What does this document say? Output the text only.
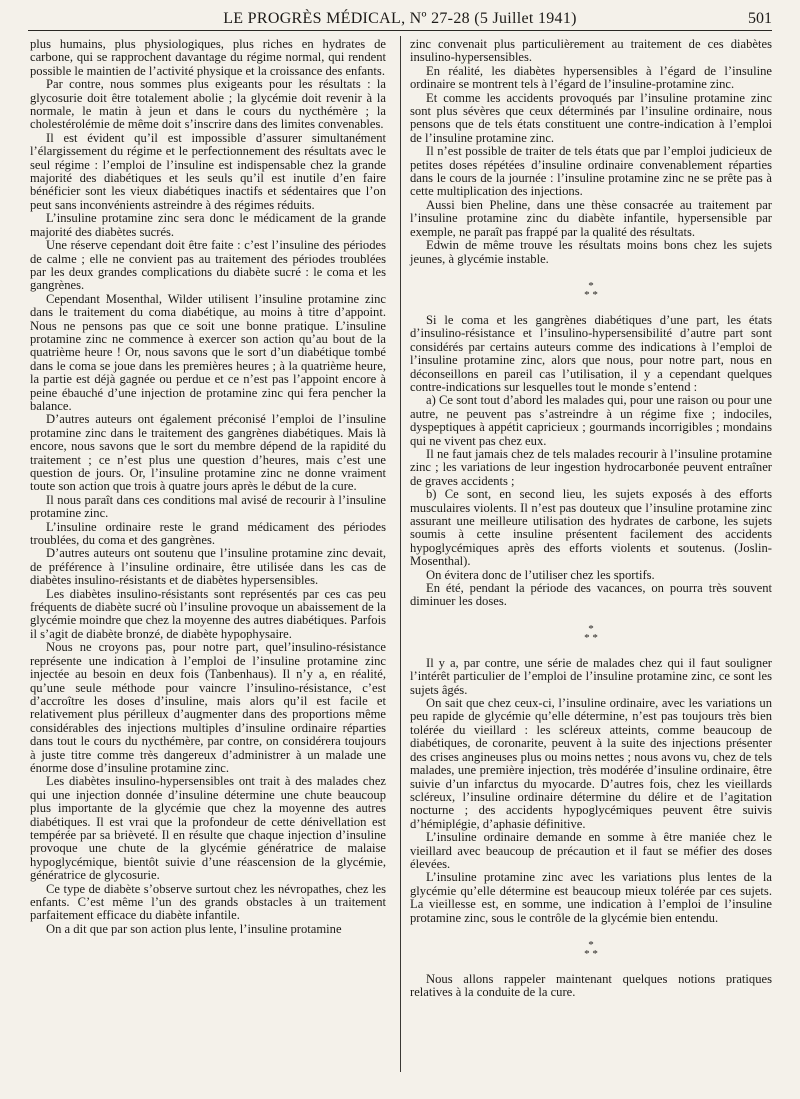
LE PROGRÈS MÉDICAL, Nº 27-28 (5 Juillet 1941)	501

plus humains, plus physiologiques, plus riches en hydrates de carbone, qui se rapprochent davantage du régime normal, qui rendent possible le maintien de l’activité physique et la croissance des enfants.

Par contre, nous sommes plus exigeants pour les résultats : la glycosurie doit être totalement abolie ; la glycémie doit revenir à la normale, le matin à jeun et dans le cours du nycthémère ; la cholestérolémie de même doit s’inscrire dans des limites convenables.

Il est évident qu’il est impossible d’assurer simultanément l’élargissement du régime et le perfectionnement des résultats avec le seul régime : l’emploi de l’insuline est indispensable chez la grande majorité des diabétiques et les seuls qu’il est inutile d’en faire bénéficier sont les vieux diabétiques inactifs et sédentaires que l’on peut sans inconvénients astreindre à des régimes réduits.

L’insuline protamine zinc sera donc le médicament de la grande majorité des diabètes sucrés.

Une réserve cependant doit être faite : c’est l’insuline des périodes de calme ; elle ne convient pas au traitement des périodes troublées par les deux grandes complications du diabète sucré : le coma et les gangrènes.

Cependant Mosenthal, Wilder utilisent l’insuline protamine zinc dans le traitement du coma diabétique, au moins à titre d’appoint. Nous ne pensons pas que ce soit une bonne pratique. L’insuline protamine zinc ne commence à exercer son action qu’au bout de la quatrième heure ! Or, nous savons que le sort d’un diabétique tombé dans le coma se joue dans les premières heures ; à la quatrième heure, la partie est déjà gagnée ou perdue et ce n’est pas l’appoint encore à peine ébauché d’une injection de protamine zinc qui fera pencher la balance.

D’autres auteurs ont également préconisé l’emploi de l’insuline protamine zinc dans le traitement des gangrènes diabétiques. Mais là encore, nous savons que le sort du membre dépend de la rapidité du traitement ; ce n’est plus une question d’heures, mais c’est une question de jours. Or, l’insuline protamine zinc ne donne vraiment toute son action que trois à quatre jours après le début de la cure.

Il nous paraît dans ces conditions mal avisé de recourir à l’insuline protamine zinc.

L’insuline ordinaire reste le grand médicament des périodes troublées, du coma et des gangrènes.

D’autres auteurs ont soutenu que l’insuline protamine zinc devait, de préférence à l’insuline ordinaire, être utilisée dans les cas de diabètes insulino-résistants et de diabètes hypersensibles.

Les diabètes insulino-résistants sont représentés par ces cas peu fréquents de diabète sucré où l’insuline provoque un abaissement de la glycémie moindre que chez la moyenne des autres diabétiques. Parfois il s’agit de diabète bronzé, de diabète hypophysaire.

Nous ne croyons pas, pour notre part, quel’insulino-résistance représente une indication à l’emploi de l’insuline protamine zinc injectée au besoin en deux fois (Tanbenhaus). Il n’y a, en réalité, qu’une seule méthode pour vaincre l’insulino-résistance, c’est d’accroître les doses d’insuline, mais alors qu’il est facile et relativement plus périlleux d’augmenter dans des proportions même considérables des injections multiples d’insuline ordinaire réparties dans tout le cours du nycthémère, par contre, on considérera toujours à juste titre comme très dangereux d’administrer à un malade une énorme dose d’insuline protamine zinc.

Les diabètes insulino-hypersensibles ont trait à des malades chez qui une injection donnée d’insuline détermine une chute beaucoup plus importante de la glycémie que chez la moyenne des autres diabétiques. Il est vrai que la profondeur de cette dénivellation est tempérée par sa brièveté. Il en résulte que chaque injection d’insuline provoque une chute de la glycémie génératrice de malaise hypoglycémique, bientôt suivie d’une réascension de la glycémie, génératrice de glycosurie.

Ce type de diabète s’observe surtout chez les névropathes, chez les enfants. C’est même l’un des grands obstacles à un traitement parfaitement efficace du diabète infantile.

On a dit que par son action plus lente, l’insuline protamine

zinc convenait plus particulièrement au traitement de ces diabètes insulino-hypersensibles.

En réalité, les diabètes hypersensibles à l’égard de l’insuline ordinaire se montrent tels à l’égard de l’insuline-protamine zinc.

Et comme les accidents provoqués par l’insuline protamine zinc sont plus sévères que ceux déterminés par l’insuline ordinaire, nous pensons que de tels états constituent une contre-indication à l’emploi de l’insuline protamine zinc.

Il n’est possible de traiter de tels états que par l’emploi judicieux de petites doses répétées d’insuline ordinaire convenablement réparties dans le cours de la journée : l’insuline protamine zinc ne se prête pas à cette multiplication des injections.

Aussi bien Pheline, dans une thèse consacrée au traitement par l’insuline protamine zinc du diabète infantile, hypersensible par exemple, ne paraît pas frappé par la qualité des résultats.

Edwin de même trouve les résultats moins bons chez les sujets jeunes, à glycémie instable.

*
* *

Si le coma et les gangrènes diabétiques d’une part, les états d’insulino-résistance et l’insulino-hypersensibilité d’autre part sont considérés par certains auteurs comme des indications à l’emploi de l’insuline protamine zinc, alors que nous, pour notre part, nous en déconseillons en pareil cas l’utilisation, il y a cependant quelques contre-indications sur lesquelles tout le monde s’entend :

a) Ce sont tout d’abord les malades qui, pour une raison ou pour une autre, ne peuvent pas s’astreindre à un régime fixe ; indociles, dyspeptiques à appétit capricieux ; gourmands incorrigibles ; mondains qui ne vivent pas chez eux.

Il ne faut jamais chez de tels malades recourir à l’insuline protamine zinc ; les variations de leur ingestion hydrocarbonée peuvent entraîner de graves accidents ;

b) Ce sont, en second lieu, les sujets exposés à des efforts musculaires violents. Il n’est pas douteux que l’insuline protamine zinc assurant une meilleure utilisation des hydrates de carbone, les sujets soumis à cette insuline présentent facilement des accidents hypoglycémiques après des efforts violents et soutenus. (Joslin-Mosenthal).

On évitera donc de l’utiliser chez les sportifs.

En été, pendant la période des vacances, on pourra très souvent diminuer les doses.

*
* *

Il y a, par contre, une série de malades chez qui il faut souligner l’intérêt particulier de l’emploi de l’insuline protamine zinc, ce sont les sujets âgés.

On sait que chez ceux-ci, l’insuline ordinaire, avec les variations un peu rapide de glycémie qu’elle détermine, n’est pas toujours très bien tolérée du vieillard : les scléreux atteints, comme beaucoup de diabétiques, de coronarite, peuvent à la suite des injections présenter des crises angineuses plus ou moins nettes ; nous avons vu, chez de tels malades, une première injection, très modérée d’insuline ordinaire, être suivie d’un infarctus du myocarde. D’autres fois, chez les vieillards scléreux, l’insuline ordinaire détermine du délire et de l’agitation nocturne ; des accidents hypoglycémiques peuvent être suivis d’hémiplégie, d’aphasie définitive.

L’insuline ordinaire demande en somme à être maniée chez le vieillard avec beaucoup de précaution et il faut se méfier des doses élevées.

L’insuline protamine zinc avec les variations plus lentes de la glycémie qu’elle détermine est beaucoup mieux tolérée par ces sujets. La vieillesse est, en somme, une indication à l’emploi de l’insuline protamine zinc, sous le contrôle de la glycémie bien entendu.

*
* *

Nous allons rappeler maintenant quelques notions pratiques relatives à la conduite de la cure.
